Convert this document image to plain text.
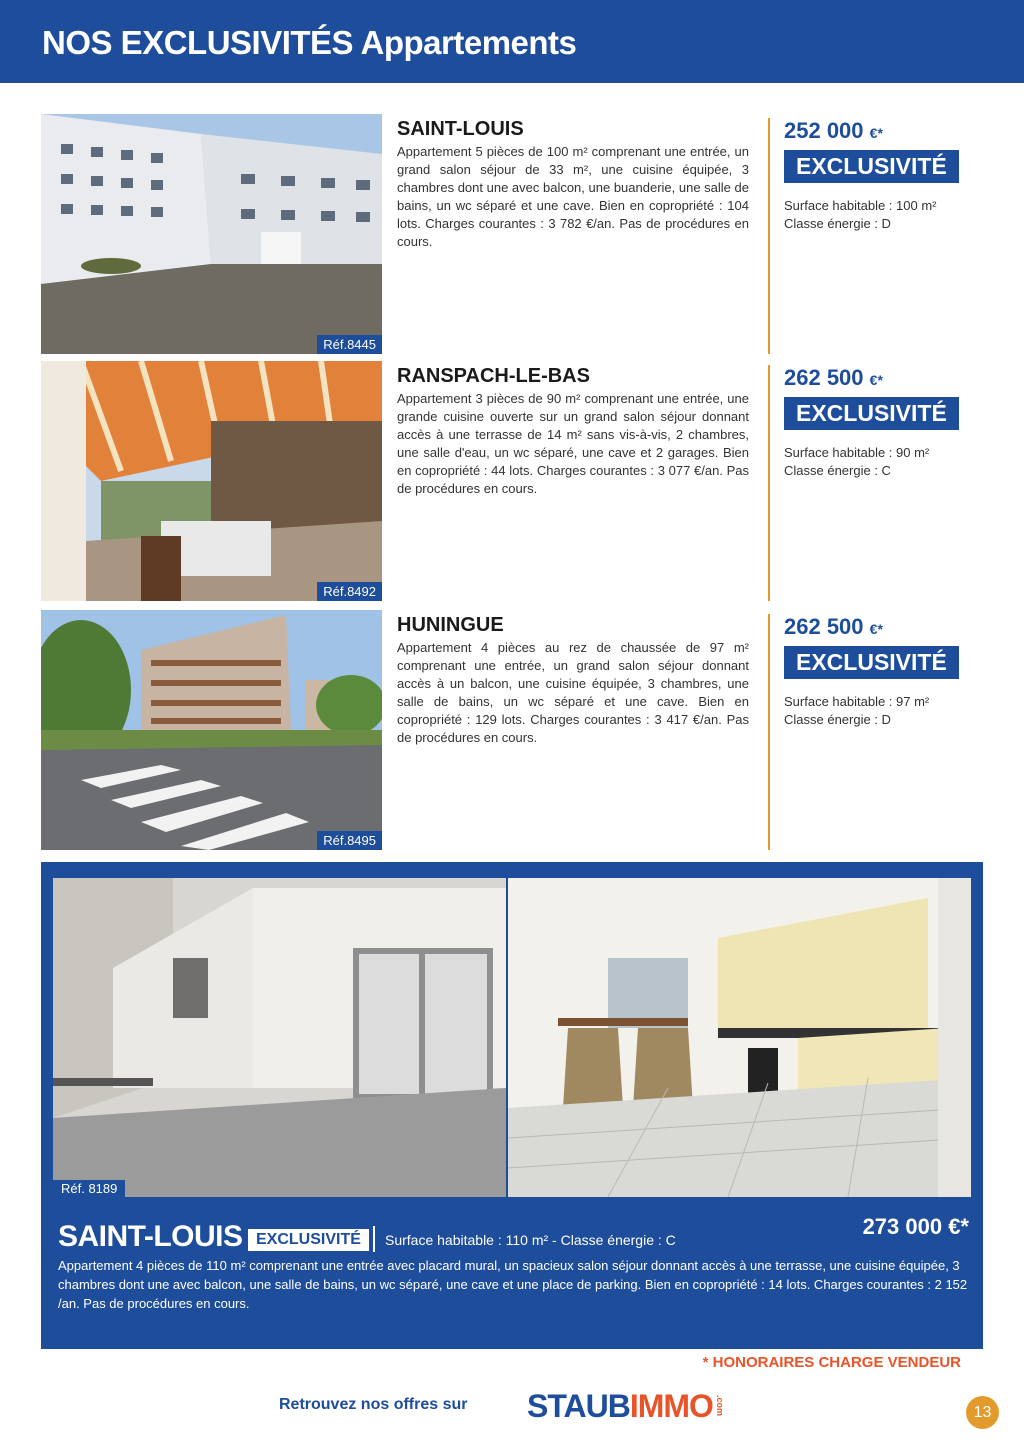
NOS EXCLUSIVITÉS Appartements
Réf.8445
SAINT-LOUIS

Appartement 5 pièces de 100 m² comprenant une entrée, un grand salon séjour de 33 m², une cuisine équipée, 3 chambres dont une avec balcon, une buanderie, une salle de bains, un wc séparé et une cave. Bien en copropriété : 104 lots. Charges courantes : 3 782 €/an. Pas de procédures en cours.

252 000 €*
EXCLUSIVITÉ
Surface habitable : 100 m²
Classe énergie : D
Réf.8492
RANSPACH-LE-BAS

Appartement 3 pièces de 90 m² comprenant une entrée, une grande cuisine ouverte sur un grand salon séjour donnant accès à une terrasse de 14 m² sans vis-à-vis, 2 chambres, une salle d'eau, un wc séparé, une cave et 2 garages. Bien en copropriété : 44 lots. Charges courantes : 3 077 €/an. Pas de procédures en cours.

262 500 €*
EXCLUSIVITÉ
Surface habitable : 90 m²
Classe énergie : C
Réf.8495
HUNINGUE

Appartement 4 pièces au rez de chaussée de 97 m² comprenant une entrée, un grand salon séjour donnant accès à un balcon, une cuisine équipée, 3 chambres, une salle de bains, un wc séparé et une cave. Bien en copropriété : 129 lots. Charges courantes : 3 417 €/an. Pas de procédures en cours.

262 500 €*
EXCLUSIVITÉ
Surface habitable : 97 m²
Classe énergie : D
Réf. 8189
SAINT-LOUIS EXCLUSIVITÉ	Surface habitable : 110 m² - Classe énergie : C
273 000 €*
Appartement 4 pièces de 110 m² comprenant une entrée avec placard mural, un spacieux salon séjour donnant accès à une terrasse, une cuisine équipée, 3 chambres dont une avec balcon, une salle de bains, un wc séparé, une cave et une place de parking. Bien en copropriété : 14 lots. Charges courantes : 2 152 /an. Pas de procédures en cours.
* HONORAIRES CHARGE VENDEUR
Retrouvez nos offres sur STAUB IMMO .com	13
